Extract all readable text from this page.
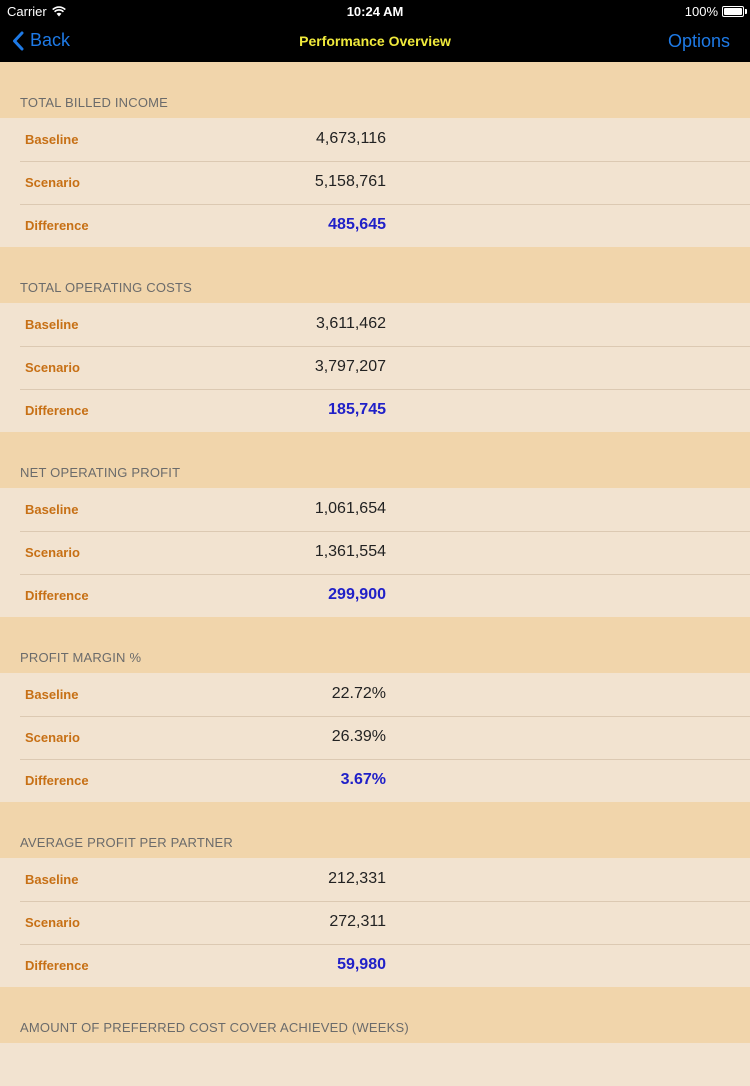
Carrier	10:24 AM	100%
Back	Performance Overview	Options
TOTAL BILLED INCOME
Baseline	4,673,116
Scenario	5,158,761
Difference	485,645
TOTAL OPERATING COSTS
Baseline	3,611,462
Scenario	3,797,207
Difference	185,745
NET OPERATING PROFIT
Baseline	1,061,654
Scenario	1,361,554
Difference	299,900
PROFIT MARGIN %
Baseline	22.72%
Scenario	26.39%
Difference	3.67%
AVERAGE PROFIT PER PARTNER
Baseline	212,331
Scenario	272,311
Difference	59,980
AMOUNT OF PREFERRED COST COVER ACHIEVED (WEEKS)
